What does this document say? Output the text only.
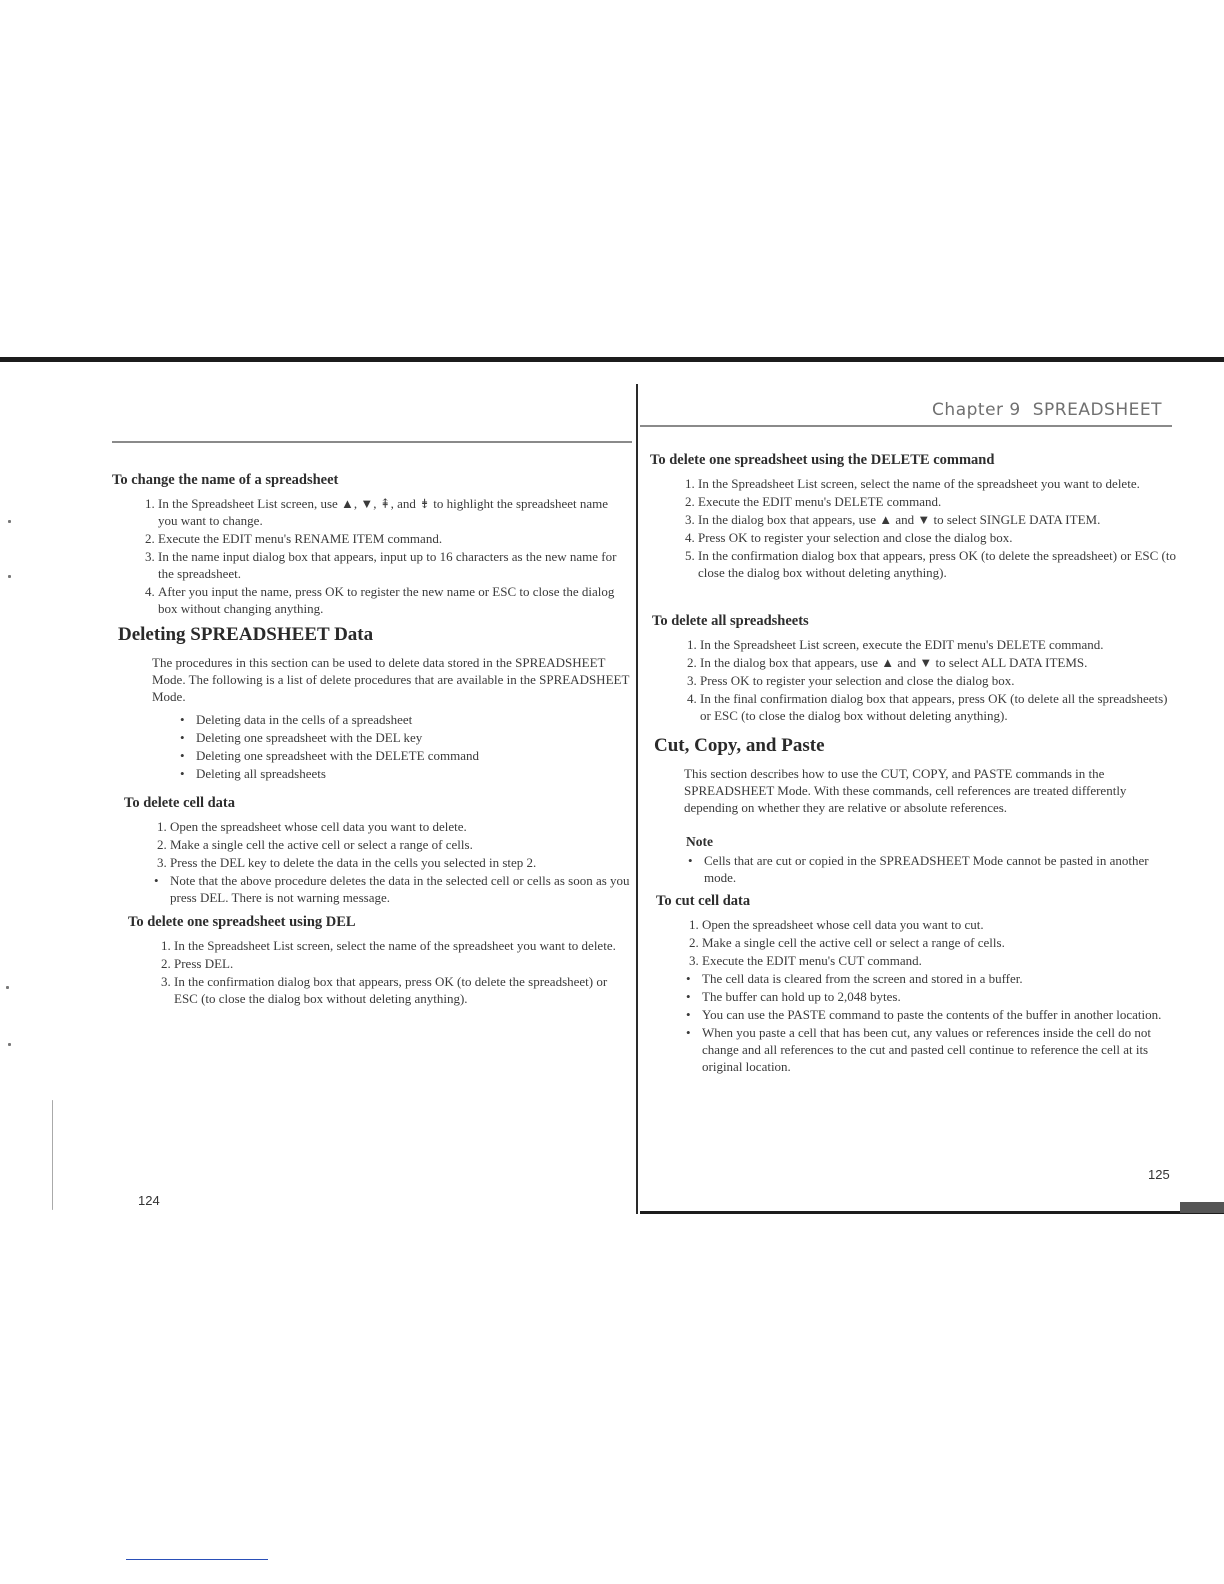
Chapter 9 SPREADSHEET
To change the name of a spreadsheet
1. In the Spreadsheet List screen, use ▲, ▼, ⇞, and ⇟ to highlight the spreadsheet name you want to change.
2. Execute the EDIT menu's RENAME ITEM command.
3. In the name input dialog box that appears, input up to 16 characters as the new name for the spreadsheet.
4. After you input the name, press OK to register the new name or ESC to close the dialog box without changing anything.
Deleting SPREADSHEET Data

The procedures in this section can be used to delete data stored in the SPREADSHEET Mode. The following is a list of delete procedures that are available in the SPREADSHEET Mode.

• Deleting data in the cells of a spreadsheet
• Deleting one spreadsheet with the DEL key
• Deleting one spreadsheet with the DELETE command
• Deleting all spreadsheets
To delete cell data
1. Open the spreadsheet whose cell data you want to delete.
2. Make a single cell the active cell or select a range of cells.
3. Press the DEL key to delete the data in the cells you selected in step 2.
• Note that the above procedure deletes the data in the selected cell or cells as soon as you press DEL. There is not warning message.
To delete one spreadsheet using DEL
1. In the Spreadsheet List screen, select the name of the spreadsheet you want to delete.
2. Press DEL.
3. In the confirmation dialog box that appears, press OK (to delete the spreadsheet) or ESC (to close the dialog box without deleting anything).
124
To delete one spreadsheet using the DELETE command
1. In the Spreadsheet List screen, select the name of the spreadsheet you want to delete.
2. Execute the EDIT menu's DELETE command.
3. In the dialog box that appears, use ▲ and ▼ to select SINGLE DATA ITEM.
4. Press OK to register your selection and close the dialog box.
5. In the confirmation dialog box that appears, press OK (to delete the spreadsheet) or ESC (to close the dialog box without deleting anything).
To delete all spreadsheets
1. In the Spreadsheet List screen, execute the EDIT menu's DELETE command.
2. In the dialog box that appears, use ▲ and ▼ to select ALL DATA ITEMS.
3. Press OK to register your selection and close the dialog box.
4. In the final confirmation dialog box that appears, press OK (to delete all the spreadsheets) or ESC (to close the dialog box without deleting anything).
Cut, Copy, and Paste

This section describes how to use the CUT, COPY, and PASTE commands in the SPREADSHEET Mode. With these commands, cell references are treated differently depending on whether they are relative or absolute references.

Note
• Cells that are cut or copied in the SPREADSHEET Mode cannot be pasted in another mode.
To cut cell data
1. Open the spreadsheet whose cell data you want to cut.
2. Make a single cell the active cell or select a range of cells.
3. Execute the EDIT menu's CUT command.
• The cell data is cleared from the screen and stored in a buffer.
• The buffer can hold up to 2,048 bytes.
• You can use the PASTE command to paste the contents of the buffer in another location.
• When you paste a cell that has been cut, any values or references inside the cell do not change and all references to the cut and pasted cell continue to reference the cell at its original location.
125
